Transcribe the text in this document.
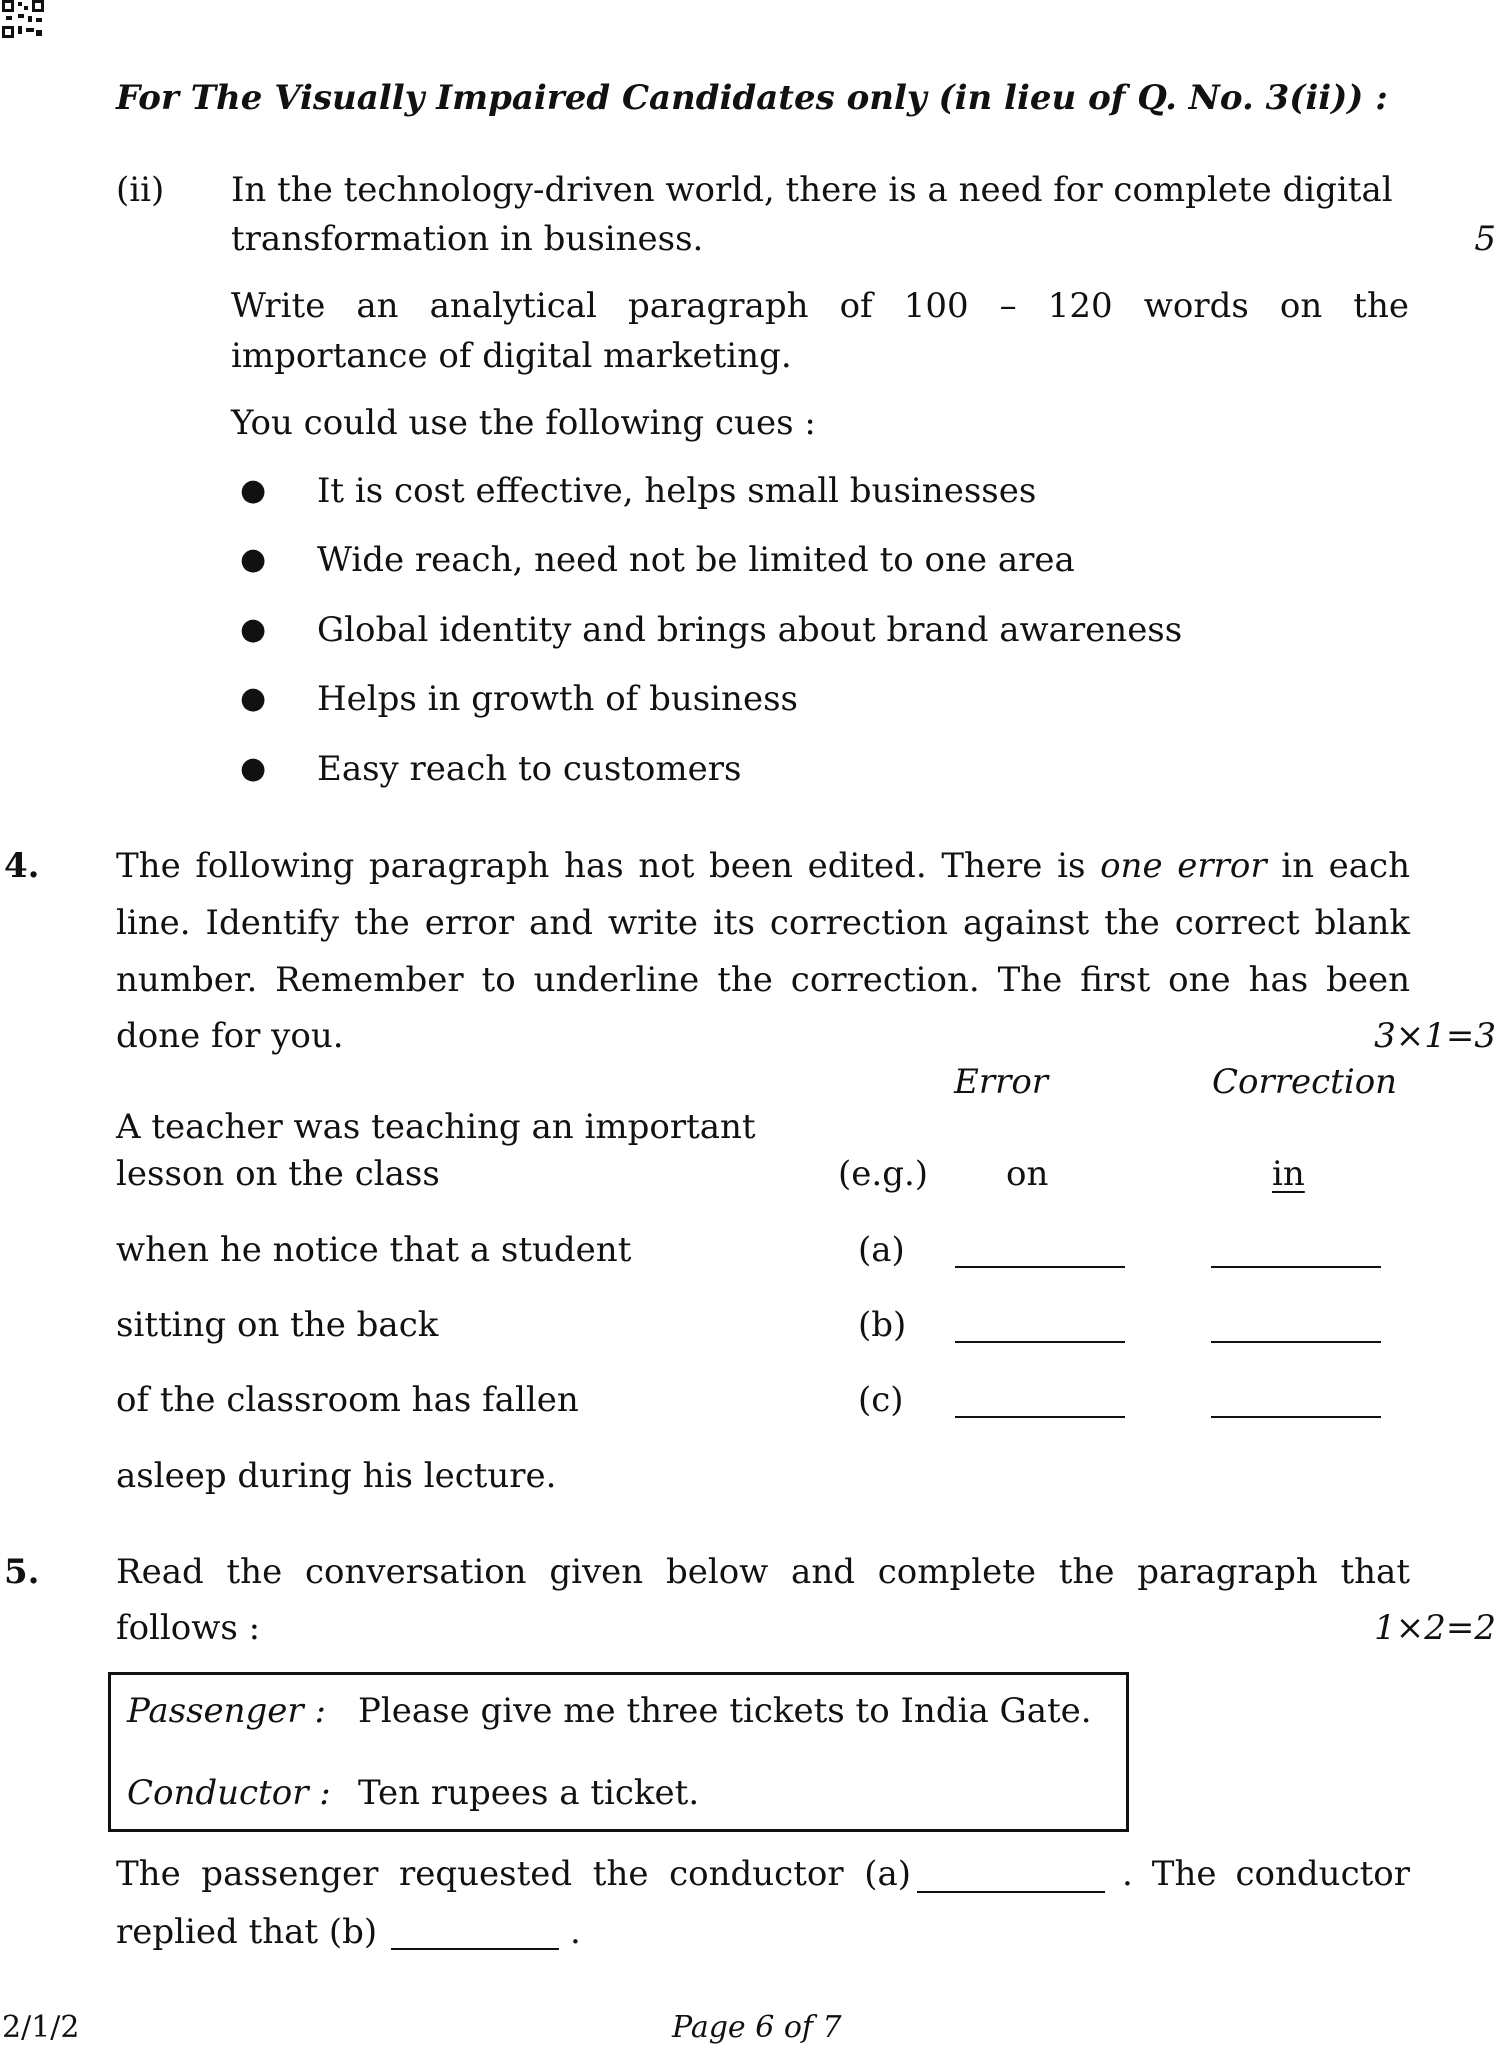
For The Visually Impaired Candidates only (in lieu of Q. No. 3(ii)) :
(ii) In the technology-driven world, there is a need for complete digital
transformation in business.	5
Write an analytical paragraph of 100 – 120 words on the
importance of digital marketing.
You could use the following cues :
● It is cost effective, helps small businesses
● Wide reach, need not be limited to one area
● Global identity and brings about brand awareness
● Helps in growth of business
● Easy reach to customers
4. The following paragraph has not been edited. There is one error in each
line. Identify the error and write its correction against the correct blank
number. Remember to underline the correction. The first one has been
done for you.	3×1=3
Error	Correction
A teacher was teaching an important
lesson on the class	(e.g.) on	in
when he notice that a student	(a)
sitting on the back	(b)
of the classroom has fallen	(c)
asleep during his lecture.
5. Read the conversation given below and complete the paragraph that
follows :	1×2=2
Passenger : Please give me three tickets to India Gate.
Conductor : Ten rupees a ticket.
The passenger requested the conductor (a)	. The conductor
replied that (b)	.
2/1/2	Page 6 of 7
